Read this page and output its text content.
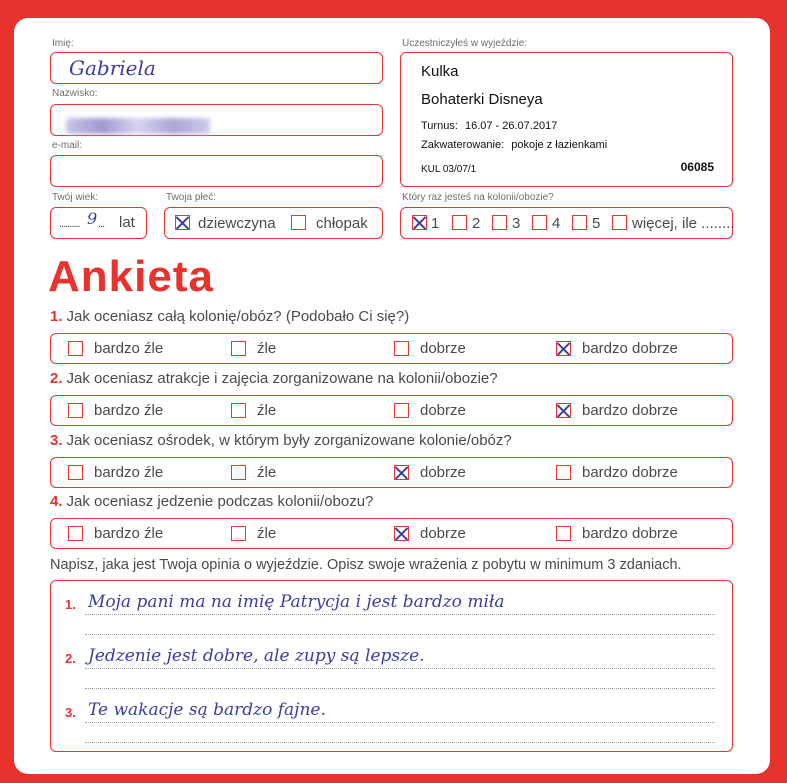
Imię:
Gabriela
Nazwisko:
e-mail:
Uczestniczyłeś w wyjeździe:
Kulka
Bohaterki Disneya
Turnus: 16.07 - 26.07.2017
Zakwaterowanie: pokoje z łazienkami
KUL 03/07/1	06085
Twój wiek:
.......... 9 ... lat
Twoja płeć:
dziewczyna	chłopak
Który raz jesteś na kolonii/obozie?
1 2 3 4 5 więcej, ile ........
Ankieta
1. Jak oceniasz całą kolonię/obóz? (Podobało Ci się?)
bardzo źle	źle	dobrze	bardzo dobrze
2. Jak oceniasz atrakcje i zajęcia zorganizowane na kolonii/obozie?
bardzo źle	źle	dobrze	bardzo dobrze
3. Jak oceniasz ośrodek, w którym były zorganizowane kolonie/obóz?
bardzo źle	źle	dobrze	bardzo dobrze
4. Jak oceniasz jedzenie podczas kolonii/obozu?
bardzo źle	źle	dobrze	bardzo dobrze
Napisz, jaka jest Twoja opinia o wyjeździe. Opisz swoje wrażenia z pobytu w minimum 3 zdaniach.
1. Moja pani ma na imię Patrycja i jest bardzo miła
2. Jedzenie jest dobre, ale zupy są lepsze.
3. Te wakacje są bardzo fajne.
